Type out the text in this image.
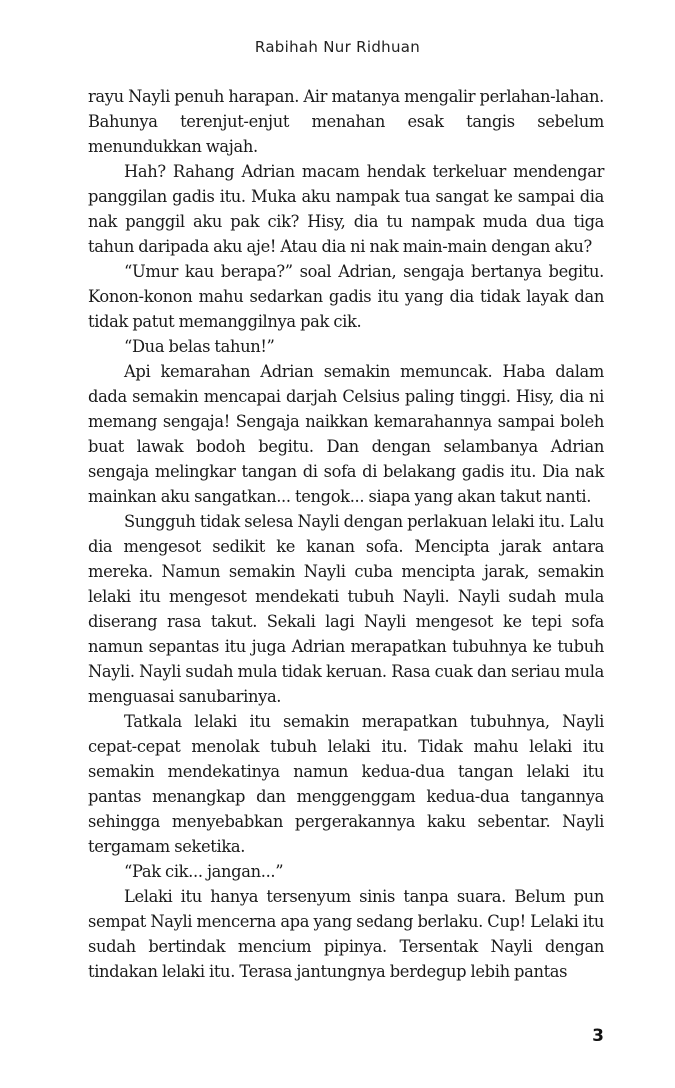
Rabihah Nur Ridhuan

rayu Nayli penuh harapan. Air matanya mengalir perlahan-lahan. Bahunya terenjut-enjut menahan esak tangis sebelum menundukkan wajah.

Hah? Rahang Adrian macam hendak terkeluar mendengar panggilan gadis itu. Muka aku nampak tua sangat ke sampai dia nak panggil aku pak cik? Hisy, dia tu nampak muda dua tiga tahun daripada aku aje! Atau dia ni nak main-main dengan aku?

“Umur kau berapa?” soal Adrian, sengaja bertanya begitu. Konon-konon mahu sedarkan gadis itu yang dia tidak layak dan tidak patut memanggilnya pak cik.

“Dua belas tahun!”

Api kemarahan Adrian semakin memuncak. Haba dalam dada semakin mencapai darjah Celsius paling tinggi. Hisy, dia ni memang sengaja! Sengaja naikkan kemarahannya sampai boleh buat lawak bodoh begitu. Dan dengan selambanya Adrian sengaja melingkar tangan di sofa di belakang gadis itu. Dia nak mainkan aku sangatkan... tengok... siapa yang akan takut nanti.

Sungguh tidak selesa Nayli dengan perlakuan lelaki itu. Lalu dia mengesot sedikit ke kanan sofa. Mencipta jarak antara mereka. Namun semakin Nayli cuba mencipta jarak, semakin lelaki itu mengesot mendekati tubuh Nayli. Nayli sudah mula diserang rasa takut. Sekali lagi Nayli mengesot ke tepi sofa namun sepantas itu juga Adrian merapatkan tubuhnya ke tubuh Nayli. Nayli sudah mula tidak keruan. Rasa cuak dan seriau mula menguasai sanubarinya.

Tatkala lelaki itu semakin merapatkan tubuhnya, Nayli cepat-cepat menolak tubuh lelaki itu. Tidak mahu lelaki itu semakin mendekatinya namun kedua-dua tangan lelaki itu pantas menangkap dan menggenggam kedua-dua tangannya sehingga menyebabkan pergerakannya kaku sebentar. Nayli tergamam seketika.

“Pak cik... jangan...”

Lelaki itu hanya tersenyum sinis tanpa suara. Belum pun sempat Nayli mencerna apa yang sedang berlaku. Cup! Lelaki itu sudah bertindak mencium pipinya. Tersentak Nayli dengan tindakan lelaki itu. Terasa jantungnya berdegup lebih pantas

3
